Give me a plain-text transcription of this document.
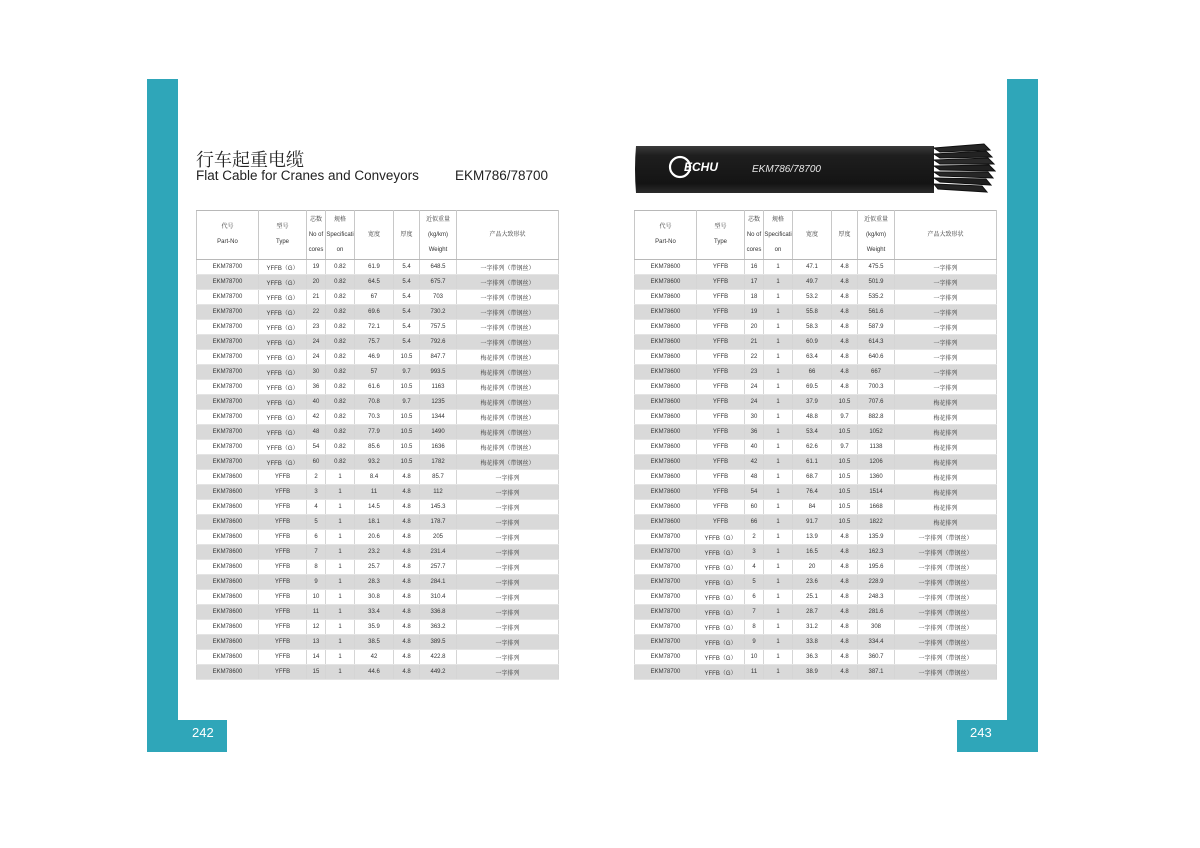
242	243
行车起重电缆
Flat Cable for Cranes and Conveyors	EKM786/78700
ECHU	EKM786/78700
代号
Part-No	型号
Type	芯数
No of
cores	规格
Specificati
on	宽度	厚度	近似重量
(kg/km)
Weight	产品大致形状
EKM78700	YFFB（G）	19	0.82	61.9	5.4	648.5	一字排列（带钢丝）
EKM78700	YFFB（G）	20	0.82	64.5	5.4	675.7	一字排列（带钢丝）
EKM78700	YFFB（G）	21	0.82	67	5.4	703	一字排列（带钢丝）
EKM78700	YFFB（G）	22	0.82	69.6	5.4	730.2	一字排列（带钢丝）
EKM78700	YFFB（G）	23	0.82	72.1	5.4	757.5	一字排列（带钢丝）
EKM78700	YFFB（G）	24	0.82	75.7	5.4	792.6	一字排列（带钢丝）
EKM78700	YFFB（G）	24	0.82	46.9	10.5	847.7	梅花排列（带钢丝）
EKM78700	YFFB（G）	30	0.82	57	9.7	993.5	梅花排列（带钢丝）
EKM78700	YFFB（G）	36	0.82	61.6	10.5	1163	梅花排列（带钢丝）
EKM78700	YFFB（G）	40	0.82	70.8	9.7	1235	梅花排列（带钢丝）
EKM78700	YFFB（G）	42	0.82	70.3	10.5	1344	梅花排列（带钢丝）
EKM78700	YFFB（G）	48	0.82	77.9	10.5	1490	梅花排列（带钢丝）
EKM78700	YFFB（G）	54	0.82	85.6	10.5	1636	梅花排列（带钢丝）
EKM78700	YFFB（G）	60	0.82	93.2	10.5	1782	梅花排列（带钢丝）
EKM78600	YFFB	2	1	8.4	4.8	85.7	一字排列
EKM78600	YFFB	3	1	11	4.8	112	一字排列
EKM78600	YFFB	4	1	14.5	4.8	145.3	一字排列
EKM78600	YFFB	5	1	18.1	4.8	178.7	一字排列
EKM78600	YFFB	6	1	20.6	4.8	205	一字排列
EKM78600	YFFB	7	1	23.2	4.8	231.4	一字排列
EKM78600	YFFB	8	1	25.7	4.8	257.7	一字排列
EKM78600	YFFB	9	1	28.3	4.8	284.1	一字排列
EKM78600	YFFB	10	1	30.8	4.8	310.4	一字排列
EKM78600	YFFB	11	1	33.4	4.8	336.8	一字排列
EKM78600	YFFB	12	1	35.9	4.8	363.2	一字排列
EKM78600	YFFB	13	1	38.5	4.8	389.5	一字排列
EKM78600	YFFB	14	1	42	4.8	422.8	一字排列
EKM78600	YFFB	15	1	44.6	4.8	449.2	一字排列
代号
Part-No	型号
Type	芯数
No of
cores	规格
Specificati
on	宽度	厚度	近似重量
(kg/km)
Weight	产品大致形状
EKM78600	YFFB	16	1	47.1	4.8	475.5	一字排列
EKM78600	YFFB	17	1	49.7	4.8	501.9	一字排列
EKM78600	YFFB	18	1	53.2	4.8	535.2	一字排列
EKM78600	YFFB	19	1	55.8	4.8	561.6	一字排列
EKM78600	YFFB	20	1	58.3	4.8	587.9	一字排列
EKM78600	YFFB	21	1	60.9	4.8	614.3	一字排列
EKM78600	YFFB	22	1	63.4	4.8	640.6	一字排列
EKM78600	YFFB	23	1	66	4.8	667	一字排列
EKM78600	YFFB	24	1	69.5	4.8	700.3	一字排列
EKM78600	YFFB	24	1	37.9	10.5	707.6	梅花排列
EKM78600	YFFB	30	1	48.8	9.7	882.8	梅花排列
EKM78600	YFFB	36	1	53.4	10.5	1052	梅花排列
EKM78600	YFFB	40	1	62.6	9.7	1138	梅花排列
EKM78600	YFFB	42	1	61.1	10.5	1206	梅花排列
EKM78600	YFFB	48	1	68.7	10.5	1360	梅花排列
EKM78600	YFFB	54	1	76.4	10.5	1514	梅花排列
EKM78600	YFFB	60	1	84	10.5	1668	梅花排列
EKM78600	YFFB	66	1	91.7	10.5	1822	梅花排列
EKM78700	YFFB（G）	2	1	13.9	4.8	135.9	一字排列（带钢丝）
EKM78700	YFFB（G）	3	1	16.5	4.8	162.3	一字排列（带钢丝）
EKM78700	YFFB（G）	4	1	20	4.8	195.6	一字排列（带钢丝）
EKM78700	YFFB（G）	5	1	23.6	4.8	228.9	一字排列（带钢丝）
EKM78700	YFFB（G）	6	1	25.1	4.8	248.3	一字排列（带钢丝）
EKM78700	YFFB（G）	7	1	28.7	4.8	281.6	一字排列（带钢丝）
EKM78700	YFFB（G）	8	1	31.2	4.8	308	一字排列（带钢丝）
EKM78700	YFFB（G）	9	1	33.8	4.8	334.4	一字排列（带钢丝）
EKM78700	YFFB（G）	10	1	36.3	4.8	360.7	一字排列（带钢丝）
EKM78700	YFFB（G）	11	1	38.9	4.8	387.1	一字排列（带钢丝）
